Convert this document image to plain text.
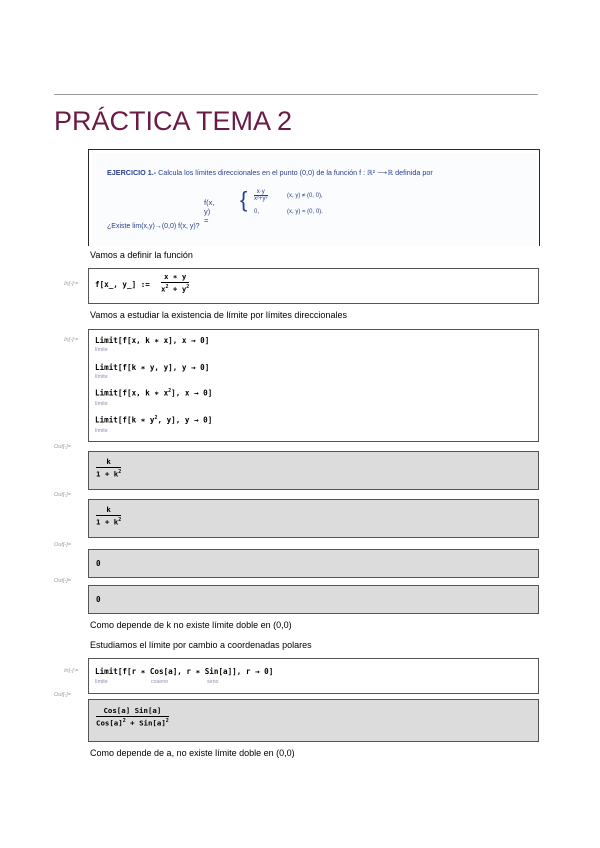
PRÁCTICA TEMA 2
EJERCICIO 1.- Calcula los límites direccionales en el punto (0,0) de la función f : ℝ² ⟶ℝ definida por
f(x, y) =
{ x·y
x²+y²	(x, y) ≠ (0, 0),
0,	(x, y) = (0, 0).
¿Existe lim(x,y)→(0,0) f(x, y)?
Vamos a definir la función
In[-]:= f[x_, y_] :=
x ∗ y
$x^2 + y^2$
Vamos a estudiar la existencia de límite por límites direccionales
In[-]:= Limit[f[x, k ∗ x], x → 0]
límite
Limit[f[k ∗ y, y], y → 0]
límite
Limit[f[x, k ∗ $x^2$], x → 0]
límite
Limit[f[k ∗ $y^2$, y], y → 0]
límite
Out[-]=
k
$1 + k^2$
Out[-]=
k
$1 + k^2$
Out[-]=
0
Out[-]=
0
Como depende de k no existe límite doble en (0,0)
Estudiamos el límite por cambio a coordenadas polares
In[-]:= Limit[f[r ∗ Cos[a], r ∗ Sin[a]], r → 0]
límite	coseno	seno
Out[-]=
Cos[a] Sin[a]
$Cos[a]^2 + Sin[a]^2$
Como depende de a, no existe límite doble en (0,0)
